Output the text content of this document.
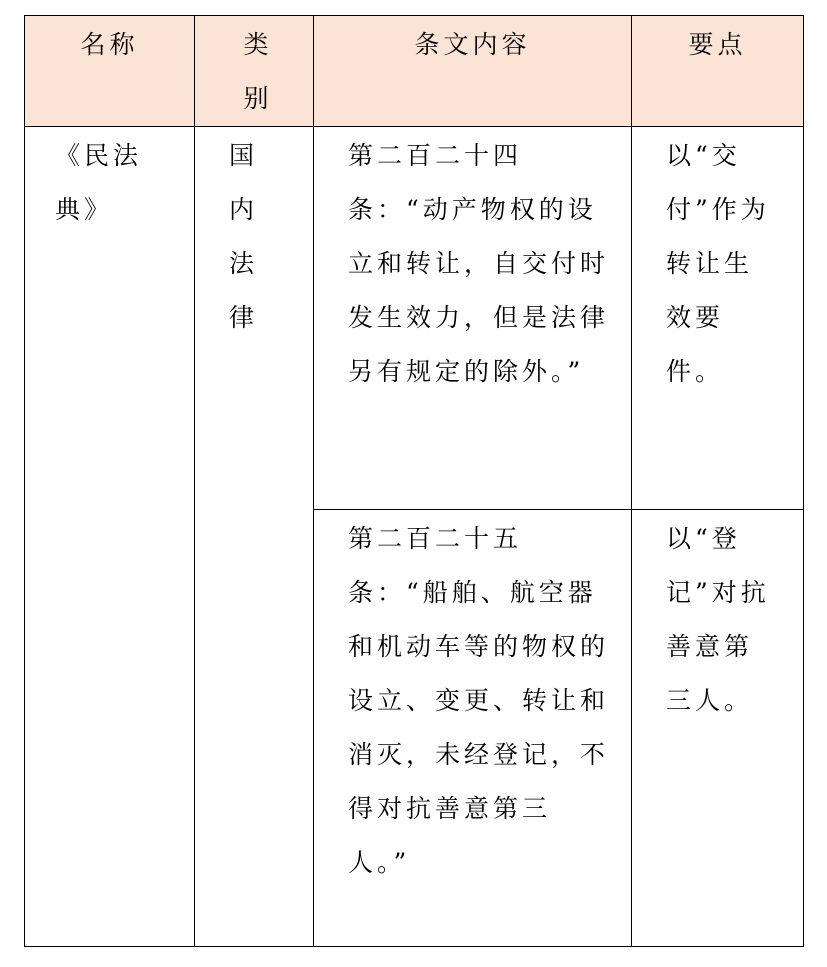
名称	类别	条文内容	要点

《民法典》	国内法律	第二百二十四条：“动产物权的设立和转让，自交付时发生效力，但是法律另有规定的除外。”	以“交付”作为转让生效要件。

		第二百二十五条：“船舶、航空器和机动车等的物权的设立、变更、转让和消灭，未经登记，不得对抗善意第三人。”	以“登记”对抗善意第三人。
